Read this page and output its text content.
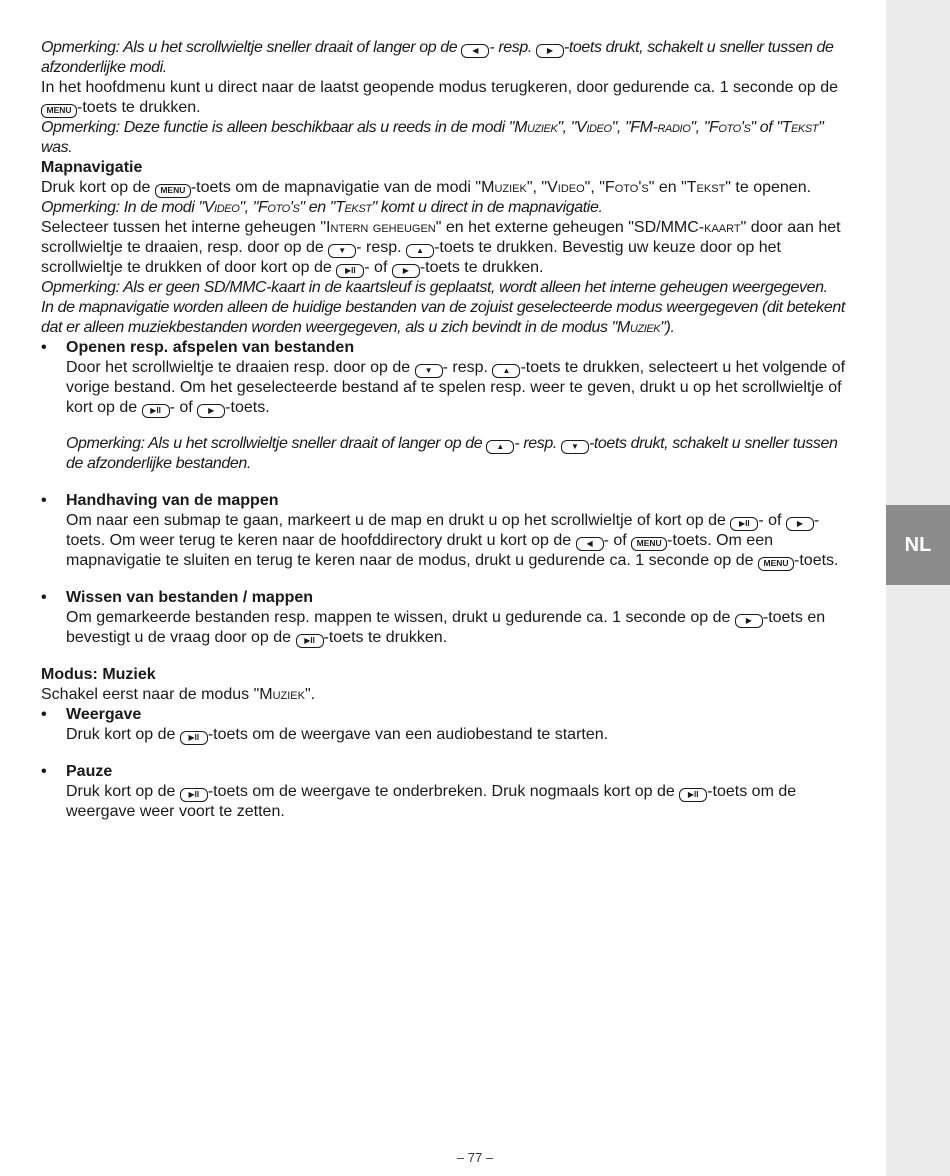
NL

Opmerking: Als u het scrollwieltje sneller draait of langer op de ◀ - resp. ▶ -toets drukt, schakelt u sneller tussen de afzonderlijke modi.

In het hoofdmenu kunt u direct naar de laatst geopende modus terugkeren, door gedurende ca. 1 seconde op de MENU -toets te drukken.

Opmerking: Deze functie is alleen beschikbaar als u reeds in de modi "Muziek", "Video", "FM-radio", "Foto's" of "Tekst" was.

Mapnavigatie

Druk kort op de MENU -toets om de mapnavigatie van de modi "Muziek", "Video", "Foto's" en "Tekst" te openen.

Opmerking: In de modi "Video", "Foto's" en "Tekst" komt u direct in de mapnavigatie.

Selecteer tussen het interne geheugen "Intern geheugen" en het externe geheugen "SD/MMC-kaart" door aan het scrollwieltje te draaien, resp. door op de ▼ - resp. ▲ -toets te drukken. Bevestig uw keuze door op het scrollwieltje te drukken of door kort op de ▶II - of ▶ -toets te drukken.

Opmerking: Als er geen SD/MMC-kaart in de kaartsleuf is geplaatst, wordt alleen het interne geheugen weergegeven.

In de mapnavigatie worden alleen de huidige bestanden van de zojuist geselecteerde modus weergegeven (dit betekent dat er alleen muziekbestanden worden weergegeven, als u zich bevindt in de modus "Muziek").

• Openen resp. afspelen van bestanden

Door het scrollwieltje te draaien resp. door op de ▼ - resp. ▲ -toets te drukken, selecteert u het volgende of vorige bestand. Om het geselecteerde bestand af te spelen resp. weer te geven, drukt u op het scrollwieltje of kort op de ▶II - of ▶ -toets.

Opmerking: Als u het scrollwieltje sneller draait of langer op de ▲ - resp. ▼ -toets drukt, schakelt u sneller tussen de afzonderlijke bestanden.

• Handhaving van de mappen

Om naar een submap te gaan, markeert u de map en drukt u op het scrollwieltje of kort op de ▶II - of ▶ -toets. Om weer terug te keren naar de hoofddirectory drukt u kort op de ◀ - of MENU -toets. Om een mapnavigatie te sluiten en terug te keren naar de modus, drukt u gedurende ca. 1 seconde op de MENU -toets.

• Wissen van bestanden / mappen

Om gemarkeerde bestanden resp. mappen te wissen, drukt u gedurende ca. 1 seconde op de ▶ -toets en bevestigt u de vraag door op de ▶II -toets te drukken.

Modus: Muziek

Schakel eerst naar de modus "Muziek".

• Weergave

Druk kort op de ▶II -toets om de weergave van een audiobestand te starten.

• Pauze

Druk kort op de ▶II -toets om de weergave te onderbreken. Druk nogmaals kort op de ▶II -toets om de weergave weer voort te zetten.

– 77 –
